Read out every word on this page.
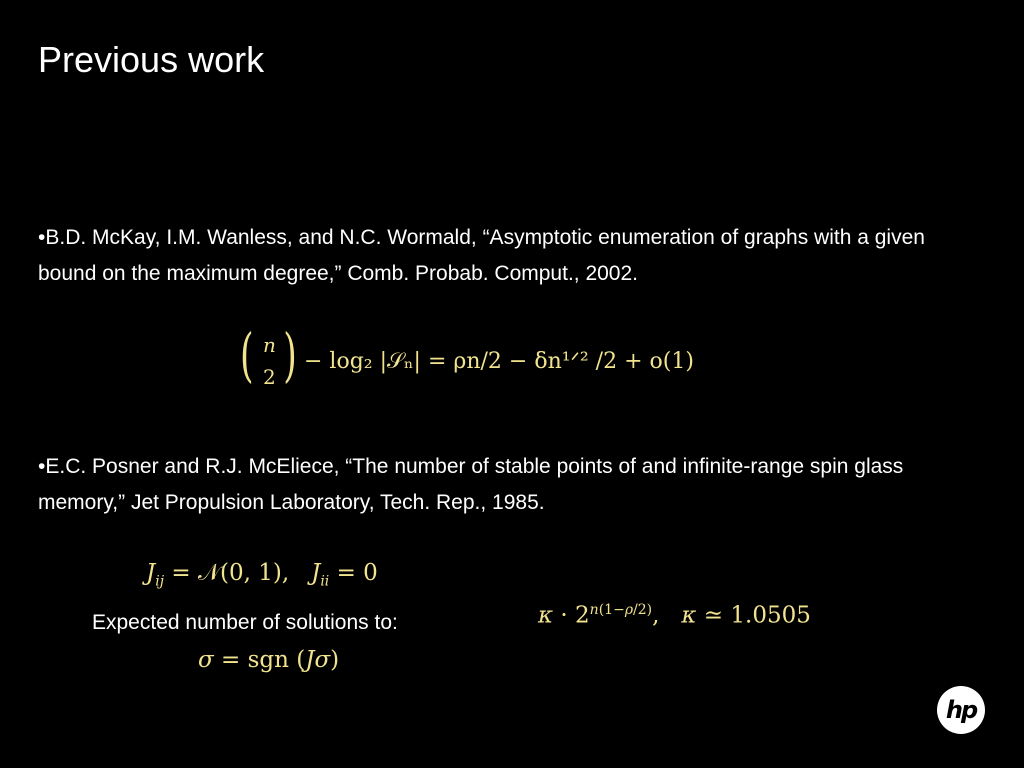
Previous work
•B.D. McKay, I.M. Wanless, and N.C. Wormald, “Asymptotic enumeration of graphs with a given bound on the maximum degree,” Comb. Probab. Comput., 2002.
( n
2 ) − log₂ |𝒮ₙ| = ρn/2 − δn¹ᐟ² /2 + o(1)
•E.C. Posner and R.J. McEliece, “The number of stable points of and infinite-range spin glass memory,” Jet Propulsion Laboratory, Tech. Rep., 1985.
$J_{ij}$ = 𝒩(0, 1),   $J_{ii} = 0$
Expected number of solutions to:	$\kappa \cdot 2^{n(1-\rho/2)}$,   κ ≃ 1.0505
σ = sgn (Jσ)
hp
